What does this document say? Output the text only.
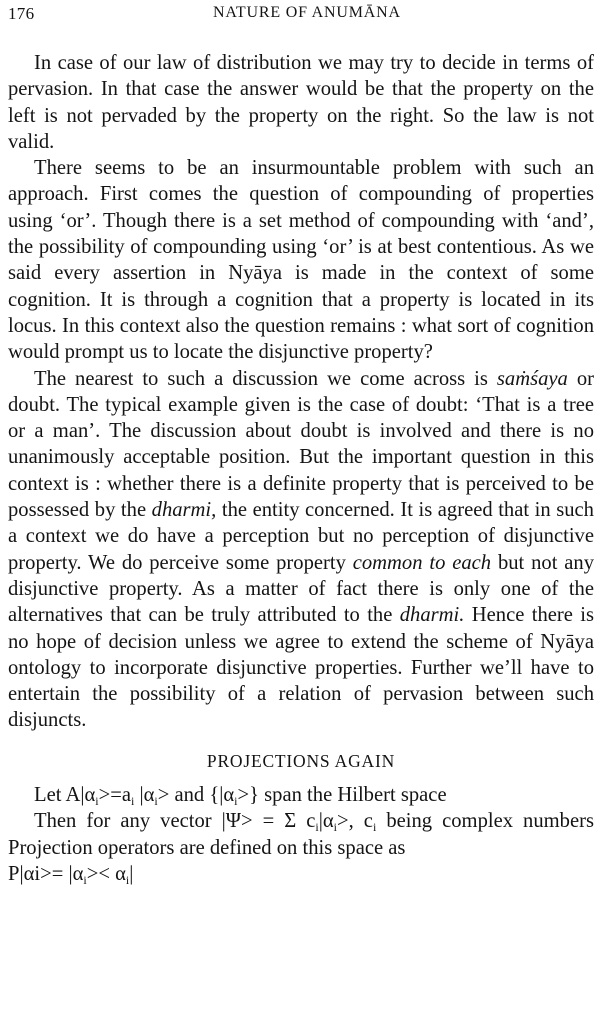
176	NATURE OF ANUMĀNA

In case of our law of distribution we may try to decide in terms of pervasion. In that case the answer would be that the property on the left is not pervaded by the property on the right. So the law is not valid.

There seems to be an insurmountable problem with such an approach. First comes the question of compounding of properties using ‘or’. Though there is a set method of compounding with ‘and’, the possibility of compounding using ‘or’ is at best contentious. As we said every assertion in Nyāya is made in the context of some cognition. It is through a cognition that a property is located in its locus. In this context also the question remains : what sort of cognition would prompt us to locate the disjunctive property?

The nearest to such a discussion we come across is saṁśaya or doubt. The typical example given is the case of doubt: ‘That is a tree or a man’. The discussion about doubt is involved and there is no unanimously acceptable position. But the important question in this context is : whether there is a definite property that is perceived to be possessed by the dharmi, the entity concerned. It is agreed that in such a context we do have a perception but no perception of disjunctive property. We do perceive some property common to each but not any disjunctive property. As a matter of fact there is only one of the alternatives that can be truly attributed to the dharmi. Hence there is no hope of decision unless we agree to extend the scheme of Nyāya ontology to incorporate disjunctive properties. Further we’ll have to entertain the possibility of a relation of pervasion between such disjuncts.

PROJECTIONS AGAIN

Let $A|\alpha_i>=a_i$ $|\alpha_i>$ and $\{|\alpha_i>\}$ span the Hilbert space

Then for any vector |Ψ> = Σ $c_i|\alpha_i>$, $c_i$ being complex numbers Projection operators are defined on this space as

$P|\alpha i>= |\alpha_i>< \alpha_i|$
